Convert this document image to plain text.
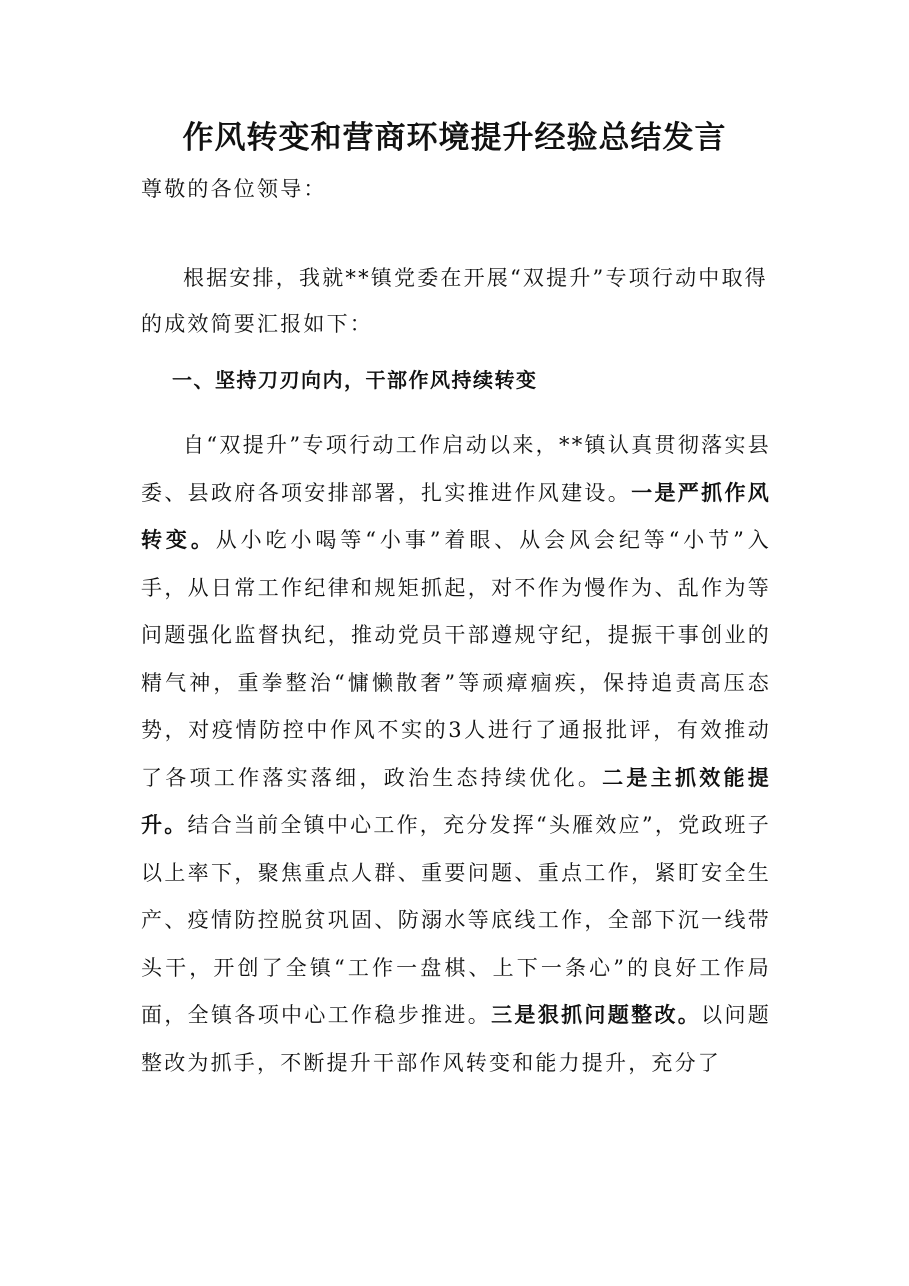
作风转变和营商环境提升经验总结发言

尊敬的各位领导：

根据安排，我就**镇党委在开展“双提升”专项行动中取得的成效简要汇报如下：

一、坚持刀刃向内，干部作风持续转变

自“双提升”专项行动工作启动以来，**镇认真贯彻落实县委、县政府各项安排部署，扎实推进作风建设。一是严抓作风转变。从小吃小喝等“小事”着眼、从会风会纪等“小节”入手，从日常工作纪律和规矩抓起，对不作为慢作为、乱作为等问题强化监督执纪，推动党员干部遵规守纪，提振干事创业的精气神，重拳整治“慵懒散奢”等顽瘴痼疾，保持追责高压态势，对疫情防控中作风不实的3人进行了通报批评，有效推动了各项工作落实落细，政治生态持续优化。二是主抓效能提升。结合当前全镇中心工作，充分发挥“头雁效应”，党政班子以上率下，聚焦重点人群、重要问题、重点工作，紧盯安全生产、疫情防控脱贫巩固、防溺水等底线工作，全部下沉一线带头干，开创了全镇“工作一盘棋、上下一条心”的良好工作局面，全镇各项中心工作稳步推进。三是狠抓问题整改。以问题整改为抓手，不断提升干部作风转变和能力提升，充分了
